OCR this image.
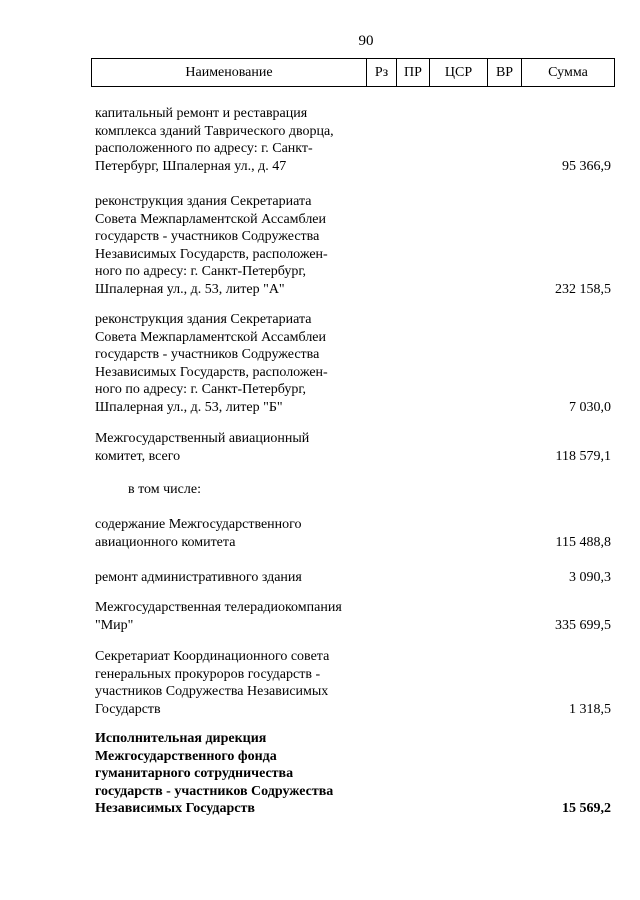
90
Наименование	Рз	ПР	ЦСР	ВР	Сумма
капитальный ремонт и реставрация
комплекса зданий Таврического дворца,
расположенного по адресу: г. Санкт-
Петербург, Шпалерная ул., д. 47	95 366,9
реконструкция здания Секретариата
Совета Межпарламентской Ассамблеи
государств - участников Содружества
Независимых Государств, расположен-
ного по адресу: г. Санкт-Петербург,
Шпалерная ул., д. 53, литер "А"	232 158,5
реконструкция здания Секретариата
Совета Межпарламентской Ассамблеи
государств - участников Содружества
Независимых Государств, расположен-
ного по адресу: г. Санкт-Петербург,
Шпалерная ул., д. 53, литер "Б"	7 030,0
Межгосударственный авиационный
комитет, всего	118 579,1
в том числе:
содержание Межгосударственного
авиационного комитета	115 488,8
ремонт административного здания	3 090,3
Межгосударственная телерадиокомпания
"Мир"	335 699,5
Секретариат Координационного совета
генеральных прокуроров государств -
участников Содружества Независимых
Государств	1 318,5
Исполнительная дирекция
Межгосударственного фонда
гуманитарного сотрудничества
государств - участников Содружества
Независимых Государств	15 569,2
